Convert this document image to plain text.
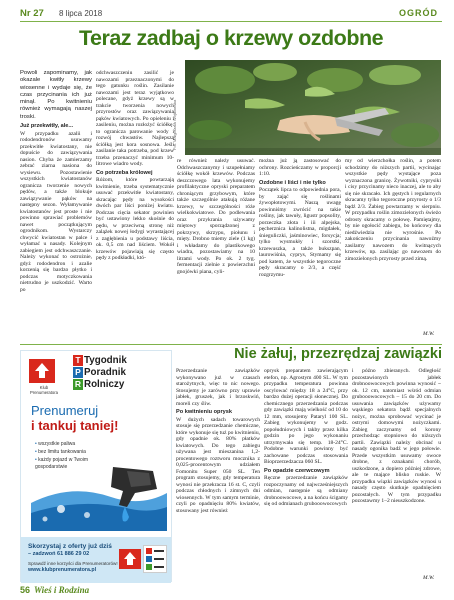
Nr 27 8 lipca 2018	OGRÓD
Teraz zadbaj o krzewy ozdobne
Fot. Małgorzata Wojtkowska

Powoli zapominamy, jak okazale kwitły krzewy wiosenne i wydaje się, że czas przycinania ich już minął. Po kwitnieniu również wymagają naszej troski.

Już przekwitły, ale...

W przypadku azalii i rododendronów usuwamy przekwitłe kwiatostany, nie dopuście do zawiązywania nasion. Chyba że zamierzamy zebrać ziarna nasiona do wysiewu. Pozostawienie wszystkich kwiatostanów ogranicza tworzenie nowych pędów, a także blokuje zawiązywanie pąków na następny sezon. Wyłamywanie kwiatostanów jest proste i nie powinno sprawiać problemów nawet początkującym ogrodnikom. Wystarczy chwycić kwiatostan w palce i wyłamać u nasady. Kolejnym zabiegiem jest odchwaszczanie. Należy wykonać to ostrożnie, gdyż rododendron i azalie korzenią się bardzo płytko i podczas motyczkowania nietrudno je uszkodzić. Warto po

odchwaszczeniu zasilić je nawozami przeznaczonymi do tego gatunku roślin. Zasilanie nawozami jest teraz wyjątkowo polecane, gdyż krzewy są w trakcie tworzenia nowych przyrostów oraz zawiązywania pąków kwiatowych. Po opieleniu i zasileniu, można rozłożyć ściółkę: to ogranicza parowanie wody i rozwój chwastów. Najlepszą ściółką jest kora sosnowa. Jeśli zasilanie taka potrzeba, pod krzew trzeba przenaczyć minimum 10-litrowe wiadro wody.

Co potrzeba królowej

Różom, które powtarzają kwitnienie, trzeba systematycznie usuwać przekwitłe kwiatostany, skracając pędy na wysokości dwóch par liści poniżej kwiatu. Podczas cięcia sekator powinien być ustawiony lekko skośnie do pędu, w przeciwną stronę niż zalążek nowej łodygi wyrastającej z zagłębienia u podstawy liścia, ok. 0,5 cm nad liściem. Wokół krzewów pojawiają się często pędy z podkładki, któ-

re również należy usuwać. Odchwaszczanymy i uzupełniamy ściółkę wokół krzewów. Podczas deszczowego lata wykonujemy profilaktyczne opryski preparatem chroniącym grzybowym, które także szczególnie atakują różane krzewy, w szczególności róże wielkokwiatowe. Do podlewania oraz przykrania używamy miętowy sporządzonej z pokrzywy, skrzypu, piołunu i mięty. Drobno tniemy ziele (1 kg) i wkładamy do plastikowego wiadra, pozostawiamy na 10 litrami wody. Po ok. 2 tyg. fermentacji zielnie z powierzchni gnojówki piana, cyli-

można już ją zastosować do ochrony. Rozcieńczamy w proporcji 1:10.

Ozdobne i liści i nie tylko

Początek lipca to odpowiednia pora, by zająć się roślinami żywopłotowymi. Naszą uwagę powinniśmy zwrócić na takie rośliny, jak tawuły, ligustr popsolity, porzeczka złota i iii alpejska, pęcherznica kalinolistna, migdałek, śnieguliczki, jaśminowiec, forsycja; tylko wysmukły i szorstki, krzewuszka, a także bukszpan, laurowiśnia, cyprys, Stymamy się pod katem, że wszystkie tegoroczne pędy skracamy o 2/3, a część rozgrzymu-

my od wierzchołka roślin, a potem schodzimy do niższych partii, wycinając wszystkie pędy wystające poza wyznaczona granicę. Żywotniki, cyprysiki i cisy przycinamy nieco inaczej, ale to aby się nie skracało. Ich gęstych i regularnych skracamy tylko tegoroczne przyrosty o 1/3 bądź 2/3. Żabieg powtarzamy w sierpniu. W przypadku roślin zimozielonych świeżo odrosty skracamy o połowę. Pamiętajmy, by nie ogołocić zabiegu, bo końcowy dla niedźwiedzia nie wyrośnie. Po zakończeniu przycinania nawoźmy zasilamy nawozem do kwitnących krzewów, np. zasilając go nawozem do zimozielonych przyrosty przed zimą.

M.W.
Nie żałuj, przezrędzaj zawiązki
Klub Prenumeratora
T Tygodnik
P Poradnik
R Rolniczy
Prenumeruj
i tankuj taniej!
• wszystkie paliwa
• bez limitu tankowania
• każdy pojazd w Twoim gospodarstwie
Skorzystaj z oferty już dziś
– zadzwoń 61 886 29 02
Sprawdź inne korzyści dla Prenumeratorów!
www.klubprenumeratora.pl

Przerzedzanie zawiązków wykonywano już w czasach starożytnych, więc to nic nowego. Stosujemy je zarówno przy uprawie jabłek, gruszek, jak i brzoskwiń, moreli czy śliw.

Po kwitnieniu oprysk

W dużych sadach towarowych stosuje się przerzedzanie chemiczne, które wykonuje się tuż po kwitnieniu, gdy opadnie ok. 80% płatków kwiatowych. Do tego zabiegu używana jest mieszanina 1,2-procentowego roztworu mocznika z 0,025-procentowym udziałem Fomonitu Super 050 SL. Ten program stosujemy, gdy temperatura wynosi nie przekracza 16 st. C, czyli podczas chłodnych i zimnych dni wiosennych. W tym samym terminie, czyli po opadnięciu 80% kwiatów, stosowany jest również

oprysk preparatem zawierającym etefon, np. Agrostym 400 SL. W tym przypadku temperatura powinna oscylować między 18 a 24°C, przy bardzo dużej operacji słonecznej. Do chemicznego przerzedzania podczas gdy zawiązki mają wielkość od 10 do 12 mm, stosujemy Pataryl 100 SL. Zabieg wykonujemy w godz. popołudniowych i takby przez kilka godzin po jego wykonaniu utrzymywała się temp. 18-24°C. Podobne warunki powinny być zachowane podczas stosowania Bioprzerzedzacza 060 SL.

Po opadzie czerwcowym

Ręczne przerzedzanie zawiązków rozpoczynamy od najwcześniejszych odmian, następnie są odmiany drobnoowocowe, a na końcu ścigamy się od odmianach grubooowocowych

i późno zbieranych. Odległość pozostawionych jabłek drobnoowocowych powinna wynosić ~ ok. 12 cm, natomiast wśród odmian grubooowocowych – 15 do 20 cm. Do usuwania zawiązków używamy wąskiego sekatora bądź specjalnych nożyc, można sprobować wycinać je ostrymi domowymi nożyczkami. Zabieg zaczynamy od korony przechodząc stopniowo do niższych partii. Zawiązki należy obcinać u nasady ogonika badź w jego połowie. Przede wszystkim usuwamy owoce drobne, z oznakami chorób, uszkodzone, a dopiero później zdrowe, ale te mające blisko ruskie. W przypadku wiązki zawiązków wynosi u nasady często skutkuje opadnięciem pozostałych. W tym przypadku pozostawmy 1–2 nieuszkodzone.

M.W.
56 Wieś i Rodzina
